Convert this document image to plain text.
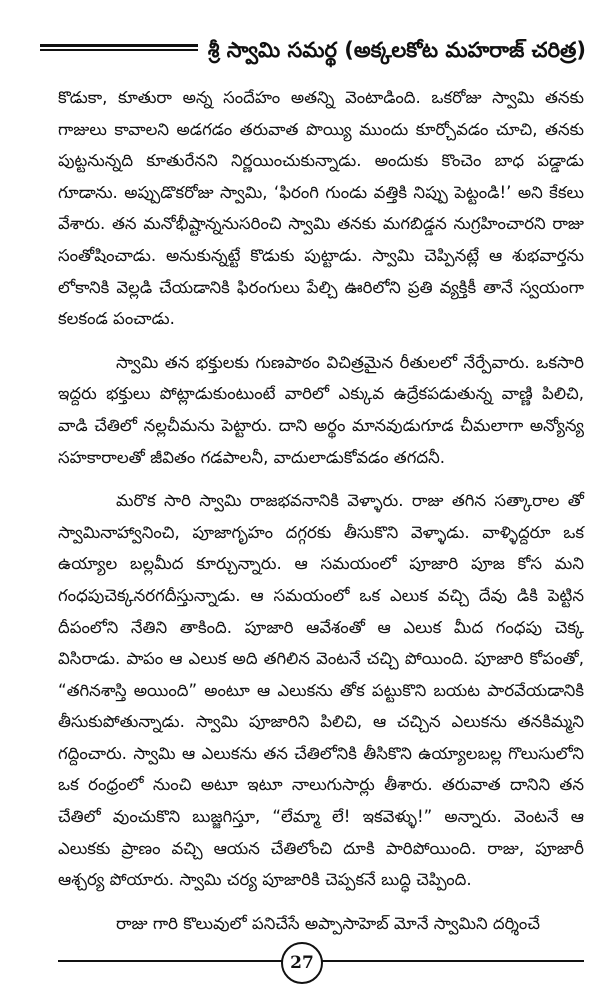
శ్రీ స్వామి సమర్థ (అక్కలకోట మహరాజ్ చరిత్ర)

కొడుకా, కూతురా అన్న సందేహం అతన్ని వెంటాడింది. ఒకరోజు స్వామి తనకు గాజులు కావాలని అడగడం తరువాత పొయ్యి ముందు కూర్చోవడం చూచి, తనకు పుట్టనున్నది కూతురేనని నిర్ణయించుకున్నాడు. అందుకు కొంచెం బాధ పడ్డాడు గూడాను. అప్పుడొకరోజు స్వామి, ‘ఫిరంగి గుండు వత్తికి నిప్పు పెట్టండి!’ అని కేకలు వేశారు. తన మనోభీష్టాన్ననుసరించి స్వామి తనకు మగబిడ్డన నుగ్రహించారని రాజు సంతోషించాడు. అనుకున్నట్టే కొడుకు పుట్టాడు. స్వామి చెప్పినట్లే ఆ శుభవార్తను లోకానికి వెల్లడి చేయడానికి ఫిరంగులు పేల్చి ఊరిలోని ప్రతి వ్యక్తికీ తానే స్వయంగా కలకండ పంచాడు.

స్వామి తన భక్తులకు గుణపాఠం విచిత్రమైన రీతులలో నేర్పేవారు. ఒకసారి ఇద్దరు భక్తులు పోట్లాడుకుంటుంటే వారిలో ఎక్కువ ఉద్రేకపడుతున్న వాణ్ణి పిలిచి, వాడి చేతిలో నల్లచీమను పెట్టారు. దాని అర్థం మానవుడుగూడ చీమలాగా అన్యోన్య సహకారాలతో జీవితం గడపాలనీ, వాదులాడుకోవడం తగదనీ.

మరొక సారి స్వామి రాజభవనానికి వెళ్ళారు. రాజు తగిన సత్కారాల తో స్వామినాహ్వానించి, పూజాగృహం దగ్గరకు తీసుకొని వెళ్ళాడు. వాళ్ళిద్దరూ ఒక ఉయ్యాల బల్లమీద కూర్చున్నారు. ఆ సమయంలో పూజారి పూజ కోస మని గంధపుచెక్కనరగదీస్తున్నాడు. ఆ సమయంలో ఒక ఎలుక వచ్చి దేవు డికి పెట్టిన దీపంలోని నేతిని తాకింది. పూజారి ఆవేశంతో ఆ ఎలుక మీద గంధపు చెక్క విసిరాడు. పాపం ఆ ఎలుక అది తగిలిన వెంటనే చచ్చి పోయింది. పూజారి కోపంతో, “తగినశాస్తి అయింది” అంటూ ఆ ఎలుకను తోక పట్టుకొని బయట పారవేయడానికి తీసుకుపోతున్నాడు. స్వామి పూజారిని పిలిచి, ఆ చచ్చిన ఎలుకను తనకిమ్మని గద్దించారు. స్వామి ఆ ఎలుకను తన చేతిలోనికి తీసికొని ఉయ్యాలబల్ల గొలుసులోని ఒక రంధ్రంలో నుంచి అటూ ఇటూ నాలుగుసార్లు తీశారు. తరువాత దానిని తన చేతిలో వుంచుకొని బుజ్జగిస్తూ, “లేమ్మా లే! ఇకవెళ్ళు!” అన్నారు. వెంటనే ఆ ఎలుకకు ప్రాణం వచ్చి ఆయన చేతిలోంచి దూకి పారిపోయింది. రాజు, పూజారీ ఆశ్చర్య పోయారు. స్వామి చర్య పూజారికి చెప్పకనే బుద్ధి చెప్పింది.

రాజు గారి కొలువులో పనిచేసే అప్పాసాహెబ్ మోనే స్వామిని దర్శించే

27
